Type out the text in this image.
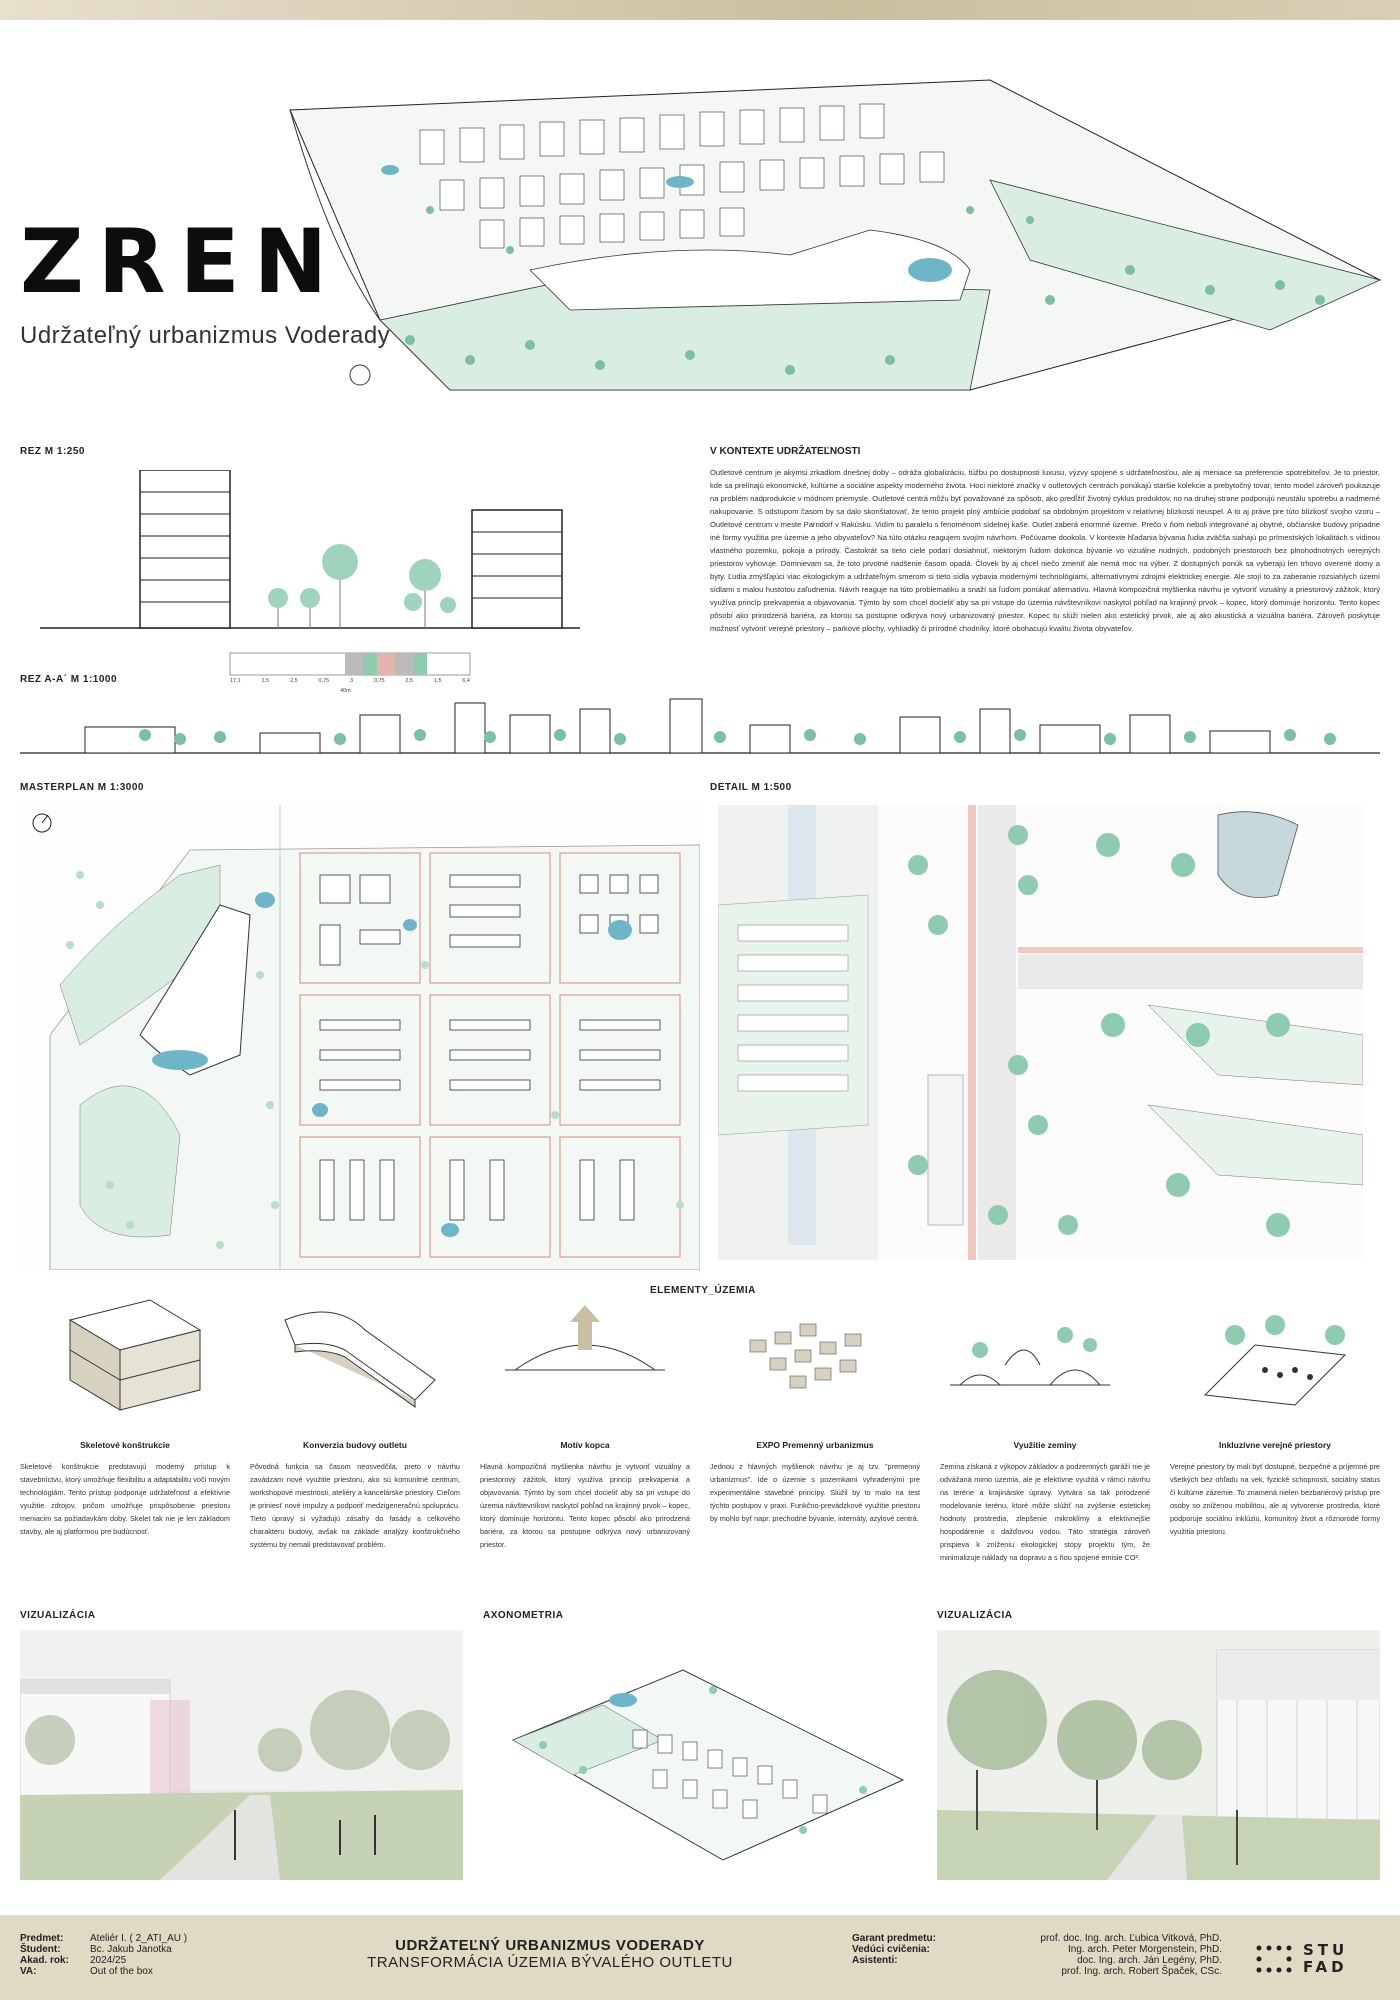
ZREN
Udržateľný urbanizmus Voderady
REZ M 1:250
17,1	1,5	2,5	0,75	3	0,75	2,5	1,5	6,4
40m
REZ A-A´ M 1:1000
V KONTEXTE UDRŽATEĽNOSTI
Outletové centrum je akýmsi zrkadlom dnešnej doby – odráža globalizáciu, túžbu po dostupnosti luxusu, výzvy spojené s udržateľnosťou, ale aj meniace sa preferencie spotrebiteľov. Je to priestor, kde sa prelínajú ekonomické, kultúrne a sociálne aspekty moderného života. Hoci niektoré značky v outletových centrách ponúkajú staršie kolekcie a prebytočný tovar, tento model zároveň poukazuje na problém nadprodukcie v módnom priemysle. Outletové centrá môžu byť považované za spôsob, ako predĺžiť životný cyklus produktov, no na druhej strane podporujú neustálu spotrebu a nadmerné nakupovanie. S odstupom časom by sa dalo skonštatovať, že tento projekt plný ambície podobať sa obdobným projektom v relatívnej blízkosti neuspel. A to aj práve pre túto blízkosť svojho vzoru – Outletové centrum v meste Parndorf v Rakúsku. Vidím tu paralelu s fenoménom sídelnej kaše. Outlet zaberá enormné územie. Prečo v ňom neboli integrované aj obytné, občianske budovy prípadne iné formy využitia pre územie a jeho obyvateľov? Na túto otázku reagujem svojím návrhom. Počúvame dookola. V kontexte hľadania bývania ľudia zväčša siahajú po prímestských lokalitách s vidinou vlastného pozemku, pokoja a prírody. Častokrát sa tieto ciele podarí dosiahnuť, niektorým ľudom dokonca bývanie vo vizuálne nudných, podobných priestoroch bez plnohodnotných verejných priestorov vyhovuje. Domnievam sa, že toto prvotné nadšenie časom opadá. Človek by aj chcel niečo zmeniť ale nemá moc na výber. Z dostupných ponúk sa vyberajú len trhovo overené domy a byty. Ľudia zmýšľajúci viac ekologickým a udržateľným smerom si tieto sídla vybavia modernými technológiami, alternatívnymi zdrojmi elektrickej energie. Ale stojí to za zaberanie rozsiahlych území sídlami s malou hustotou zaľudnenia. Návrh reaguje na túto problematiku a snaží sa ľuďom ponúkať alternatívu. Hlavná kompozičná myšlienka návrhu je vytvoriť vizuálny a priestorový zážitok, ktorý využíva princíp prekvapenia a objavovania. Týmto by som chcel docieliť aby sa pri vstupe do územia návštevníkovi naskytol pohľad na krajinný prvok – kopec, ktorý dominuje horizontu. Tento kopec pôsobí ako prirodzená bariéra, za ktorou sa postupne odkrýva nový urbanizovaný priestor. Kopec tu slúži nielen ako estetický prvok, ale aj ako akustická a vizuálna bariéra. Zároveň poskytuje možnosť vytvoriť verejné priestory – parkové plochy, vyhliadky či prírodné chodníky, ktoré obohacujú kvalitu života obyvateľov.
MASTERPLAN M 1:3000	DETAIL M 1:500
ELEMENTY_ÚZEMIA
Skeletové konštrukcie
Skeletové konštrukcie predstavujú moderný prístup k stavebníctvu, ktorý umožňuje flexibilitu a adaptabilitu voči novým technológiám. Tento prístup podporuje udržateľnosť a efektívne využitie zdrojov, pričom umožňuje prispôsobenie priestoru meniacim sa požiadavkám doby. Skelet tak nie je len základom stavby, ale aj platformou pre budúcnosť.
Konverzia budovy outletu
Pôvodná funkcia sa časom neosvedčila, preto v návrhu zavádzam nové využitie priestoru, ako sú komunitné centrum, workshopové miestnosti, ateliéry a kancelárske priestory. Cieľom je priniesť nové impulzy a podporiť medzigeneračnú spoluprácu. Tieto úpravy si vyžadujú zásahy do fasády a celkového charakteru budovy, avšak na základe analýzy konštrukčného systému by nemali predstavovať problém.
Motív kopca
Hlavná kompozičná myšlienka návrhu je vytvoriť vizuálny a priestorový zážitok, ktorý využíva princíp prekvapenia a objavovania. Týmto by som chcel docieliť aby sa pri vstupe do územia návštevníkovi naskytol pohľad na krajinný prvok – kopec, ktorý dominuje horizontu. Tento kopec pôsobí ako prirodzená bariéra, za ktorou sa postupne odkrýva nový urbanizovaný priestor.
EXPO Premenný urbanizmus
Jednou z hlavných myšlienok návrhu je aj tzv. "premenný urbanizmus". Ide o územie s pozemkami vyhradenými pre experimentálne stavebné princípy. Slúžil by to malo na test týchto postupov v praxi. Funkčno-prevádzkové využitie priestoru by mohlo byť napr. prechodné bývanie, internáty, azylové centrá.
Využitie zeminy
Zemina získaná z výkopov základov a podzemných garáží nie je odvážaná mimo územia, ale je efektívne využitá v rámci návrhu na teréne a krajinárske úpravy. Vytvára sa tak prirodzené modelovanie terénu, ktoré môže slúžiť na zvýšenie estetickej hodnoty prostredia, zlepšenie mikroklímy a efektívnejšie hospodárenie s dažďovou vodou. Táto stratégia zároveň prispieva k zníženiu ekologickej stopy projektu tým, že minimalizuje náklady na dopravu a s ňou spojené emisie CO².
Inkluzívne verejné priestory
Verejné priestory by mali byť dostupné, bezpečné a príjemné pre všetkých bez ohľadu na vek, fyzické schopnosti, sociálny status či kultúrne zázemie. To znamená nielen bezbariérový prístup pre osoby so zníženou mobilitou, ale aj vytvorenie prostredia, ktoré podporuje sociálnu inklúziu, komunitný život a rôznorodé formy využitia priestoru.
VIZUALIZÁCIA	AXONOMETRIA	VIZUALIZÁCIA
Predmet:	Ateliér I. ( 2_ATI_AU )
Študent:	Bc. Jakub Janotka
Akad. rok:	2024/25
VA:	Out of the box
UDRŽATEĽNÝ URBANIZMUS VODERADY
TRANSFORMÁCIA ÚZEMIA BÝVALÉHO OUTLETU
Garant predmetu:	prof. doc. Ing. arch. Ľubica Vitková, PhD.
Vedúci cvičenia:	Ing. arch. Peter Morgenstein, PhD.
Asistenti:	doc. Ing. arch. Ján Legény, PhD.
prof. Ing. arch. Robert Špaček, CSc.
STU
FAD
